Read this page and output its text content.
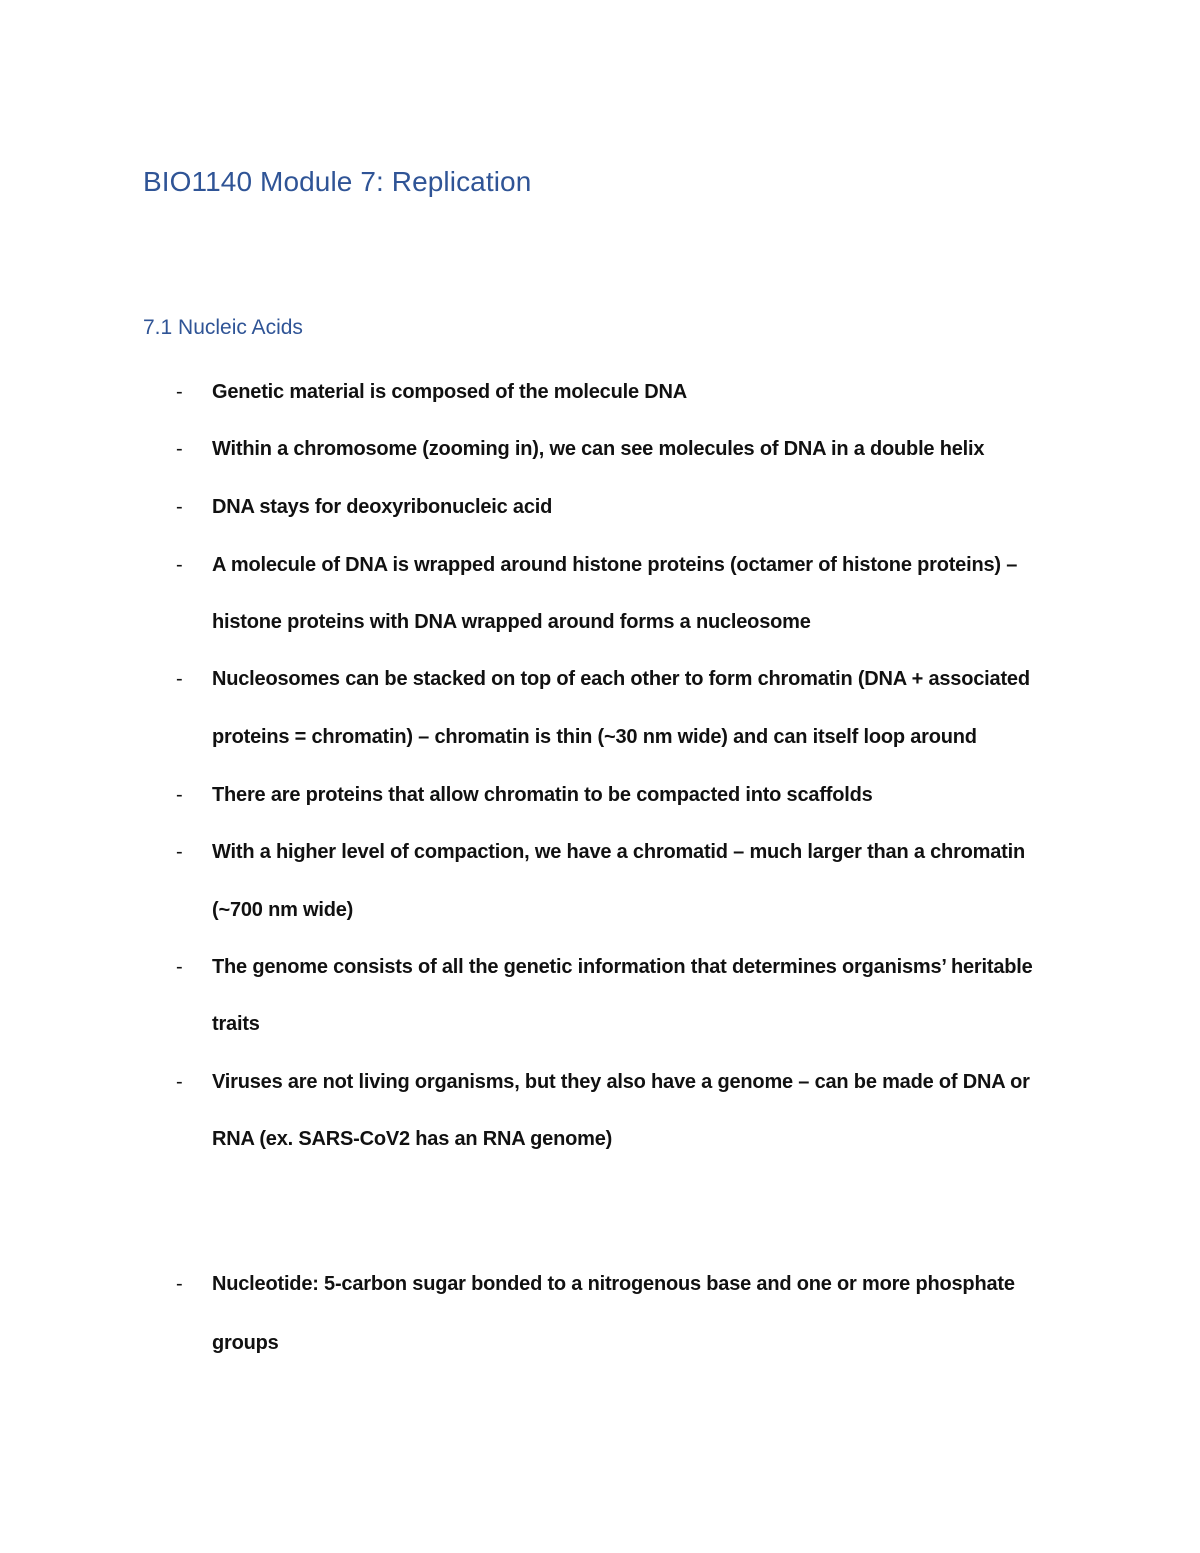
BIO1140 Module 7: Replication
7.1 Nucleic Acids
- Genetic material is composed of the molecule DNA
- Within a chromosome (zooming in), we can see molecules of DNA in a double helix
- DNA stays for deoxyribonucleic acid
- A molecule of DNA is wrapped around histone proteins (octamer of histone proteins) –
histone proteins with DNA wrapped around forms a nucleosome
- Nucleosomes can be stacked on top of each other to form chromatin (DNA + associated
proteins = chromatin) – chromatin is thin (~30 nm wide) and can itself loop around
- There are proteins that allow chromatin to be compacted into scaffolds
- With a higher level of compaction, we have a chromatid – much larger than a chromatin
(~700 nm wide)
- The genome consists of all the genetic information that determines organisms’ heritable
traits
- Viruses are not living organisms, but they also have a genome – can be made of DNA or
RNA (ex. SARS-CoV2 has an RNA genome)
- Nucleotide: 5-carbon sugar bonded to a nitrogenous base and one or more phosphate
groups
